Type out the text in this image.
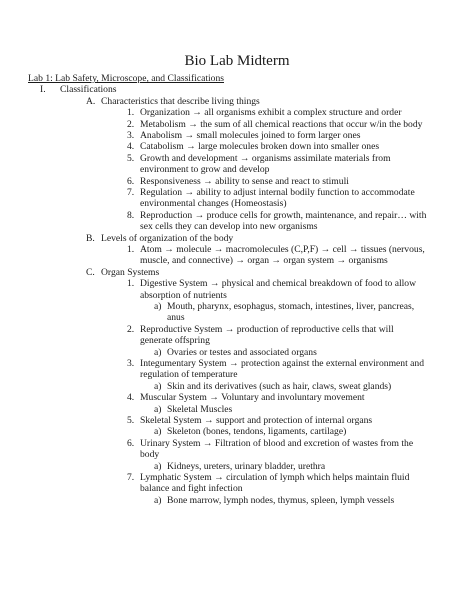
Bio Lab Midterm
Lab 1: Lab Safety, Microscope, and Classifications
I. Classifications
A. Characteristics that describe living things
1. Organization → all organisms exhibit a complex structure and order
2. Metabolism → the sum of all chemical reactions that occur w/in the body
3. Anabolism → small molecules joined to form larger ones
4. Catabolism → large molecules broken down into smaller ones
5. Growth and development → organisms assimilate materials from
environment to grow and develop
6. Responsiveness → ability to sense and react to stimuli
7. Regulation → ability to adjust internal bodily function to accommodate
environmental changes (Homeostasis)
8. Reproduction → produce cells for growth, maintenance, and repair… with
sex cells they can develop into new organisms
B. Levels of organization of the body
1. Atom → molecule → macromolecules (C,P,F) → cell → tissues (nervous,
muscle, and connective) → organ → organ system → organisms
C. Organ Systems
1. Digestive System → physical and chemical breakdown of food to allow
absorption of nutrients
a) Mouth, pharynx, esophagus, stomach, intestines, liver, pancreas,
anus
2. Reproductive System → production of reproductive cells that will
generate offspring
a) Ovaries or testes and associated organs
3. Integumentary System → protection against the external environment and
regulation of temperature
a) Skin and its derivatives (such as hair, claws, sweat glands)
4. Muscular System → Voluntary and involuntary movement
a) Skeletal Muscles
5. Skeletal System → support and protection of internal organs
a) Skeleton (bones, tendons, ligaments, cartilage)
6. Urinary System → Filtration of blood and excretion of wastes from the
body
a) Kidneys, ureters, urinary bladder, urethra
7. Lymphatic System → circulation of lymph which helps maintain fluid
balance and fight infection
a) Bone marrow, lymph nodes, thymus, spleen, lymph vessels
